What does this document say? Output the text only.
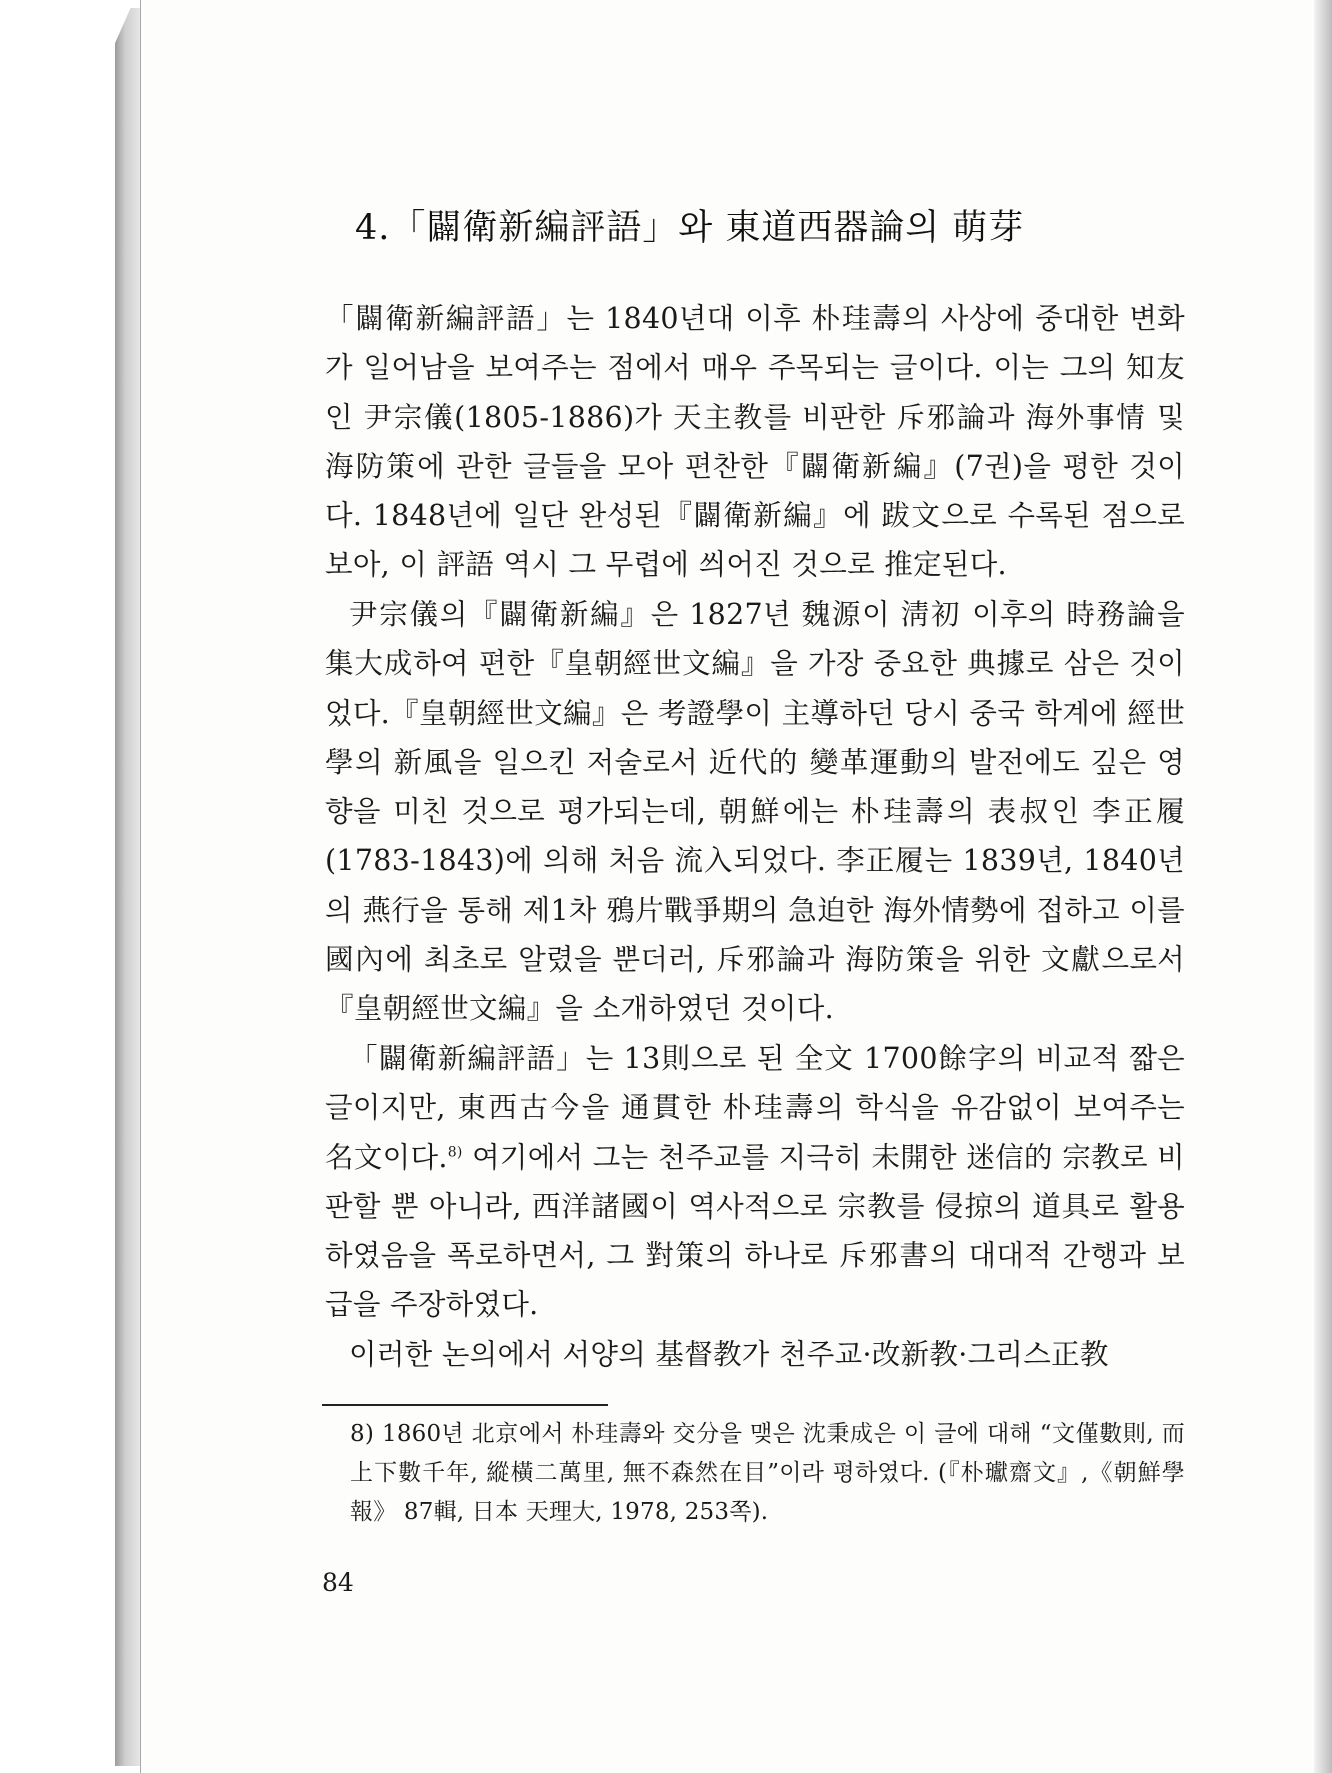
4.「闢衛新編評語」와 東道西器論의 萌芽

「闢衛新編評語」는 1840년대 이후 朴珪壽의 사상에 중대한 변화가 일어남을 보여주는 점에서 매우 주목되는 글이다. 이는 그의 知友인 尹宗儀(1805-1886)가 天主教를 비판한 斥邪論과 海外事情 및 海防策에 관한 글들을 모아 편찬한『闢衛新編』(7권)을 평한 것이다. 1848년에 일단 완성된『闢衛新編』에 跋文으로 수록된 점으로 보아, 이 評語 역시 그 무렵에 씌어진 것으로 推定된다.

尹宗儀의『闢衛新編』은 1827년 魏源이 淸初 이후의 時務論을 集大成하여 편한『皇朝經世文編』을 가장 중요한 典據로 삼은 것이었다.『皇朝經世文編』은 考證學이 主導하던 당시 중국 학계에 經世學의 新風을 일으킨 저술로서 近代的 變革運動의 발전에도 깊은 영향을 미친 것으로 평가되는데, 朝鮮에는 朴珪壽의 表叔인 李正履(1783-1843)에 의해 처음 流入되었다. 李正履는 1839년, 1840년의 燕行을 통해 제1차 鴉片戰爭期의 急迫한 海外情勢에 접하고 이를 國內에 최초로 알렸을 뿐더러, 斥邪論과 海防策을 위한 文獻으로서『皇朝經世文編』을 소개하였던 것이다.

「闢衛新編評語」는 13則으로 된 全文 1700餘字의 비교적 짧은 글이지만, 東西古今을 通貫한 朴珪壽의 학식을 유감없이 보여주는 名文이다.$^{8)}$ 여기에서 그는 천주교를 지극히 未開한 迷信的 宗教로 비판할 뿐 아니라, 西洋諸國이 역사적으로 宗教를 侵掠의 道具로 활용하였음을 폭로하면서, 그 對策의 하나로 斥邪書의 대대적 간행과 보급을 주장하였다.

이러한 논의에서 서양의 基督教가 천주교·改新教·그리스正教

8) 1860년 北京에서 朴珪壽와 交分을 맺은 沈秉成은 이 글에 대해 “文僅數則, 而上下數千年, 縱橫二萬里, 無不森然在目”이라 평하였다. (『朴瓛齋文』,《朝鮮學報》 87輯, 日本 天理大, 1978, 253쪽).
84
